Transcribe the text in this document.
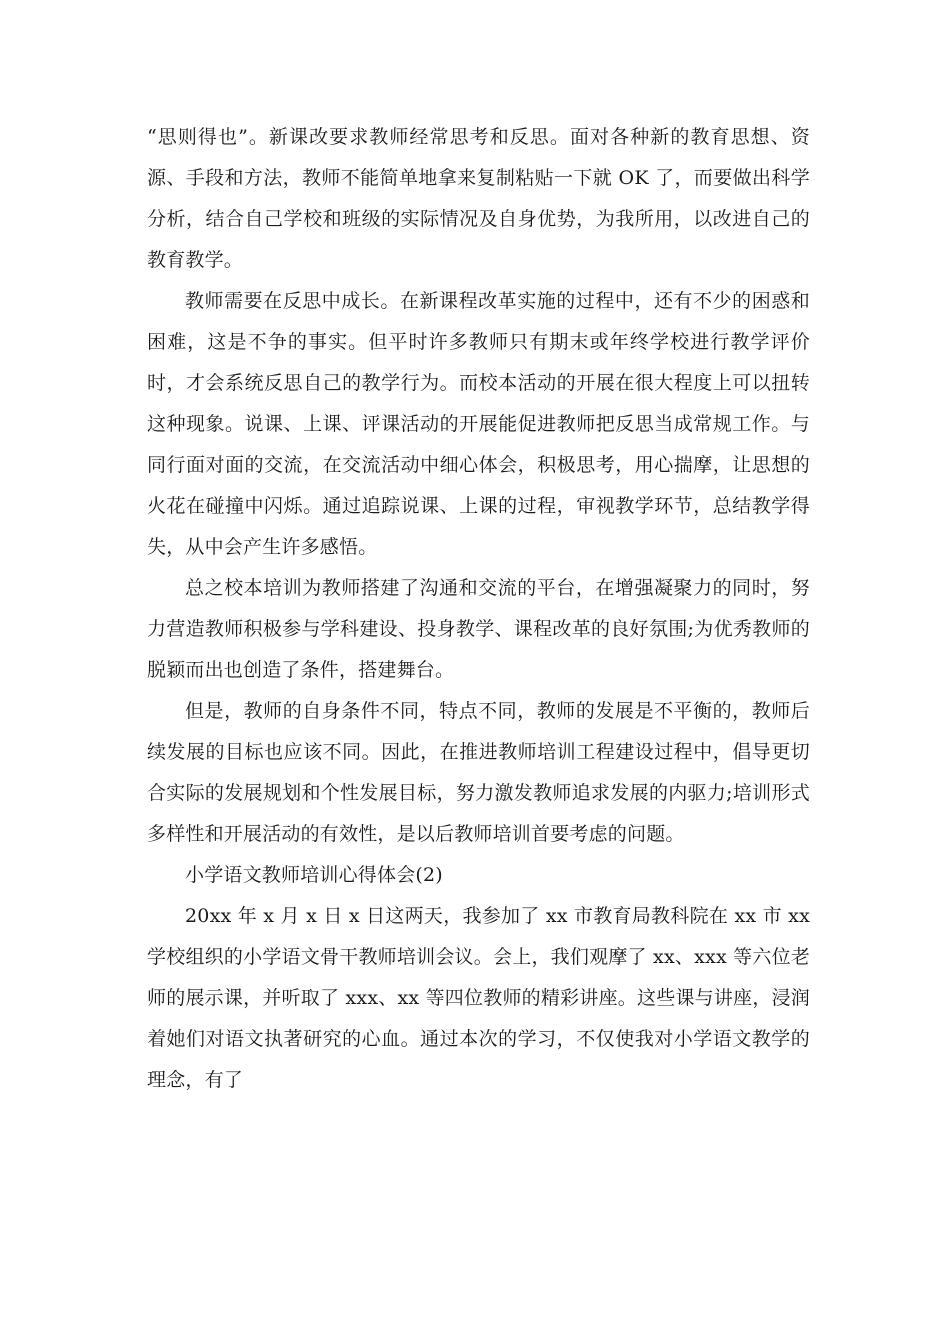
“思则得也”。新课改要求教师经常思考和反思。面对各种新的教育思想、资源、手段和方法，教师不能简单地拿来复制粘贴一下就 OK 了，而要做出科学分析，结合自己学校和班级的实际情况及自身优势，为我所用，以改进自己的教育教学。

教师需要在反思中成长。在新课程改革实施的过程中，还有不少的困惑和困难，这是不争的事实。但平时许多教师只有期末或年终学校进行教学评价时，才会系统反思自己的教学行为。而校本活动的开展在很大程度上可以扭转这种现象。说课、上课、评课活动的开展能促进教师把反思当成常规工作。与同行面对面的交流，在交流活动中细心体会，积极思考，用心揣摩，让思想的火花在碰撞中闪烁。通过追踪说课、上课的过程，审视教学环节，总结教学得失，从中会产生许多感悟。

总之校本培训为教师搭建了沟通和交流的平台，在增强凝聚力的同时，努力营造教师积极参与学科建设、投身教学、课程改革的良好氛围;为优秀教师的脱颖而出也创造了条件，搭建舞台。

但是，教师的自身条件不同，特点不同，教师的发展是不平衡的，教师后续发展的目标也应该不同。因此，在推进教师培训工程建设过程中，倡导更切合实际的发展规划和个性发展目标，努力激发教师追求发展的内驱力;培训形式多样性和开展活动的有效性，是以后教师培训首要考虑的问题。

小学语文教师培训心得体会(2)

20xx 年 x 月 x 日 x 日这两天，我参加了 xx 市教育局教科院在 xx 市 xx 学校组织的小学语文骨干教师培训会议。会上，我们观摩了 xx、xxx 等六位老师的展示课，并听取了 xxx、xx 等四位教师的精彩讲座。这些课与讲座，浸润着她们对语文执著研究的心血。通过本次的学习，不仅使我对小学语文教学的理念，有了
